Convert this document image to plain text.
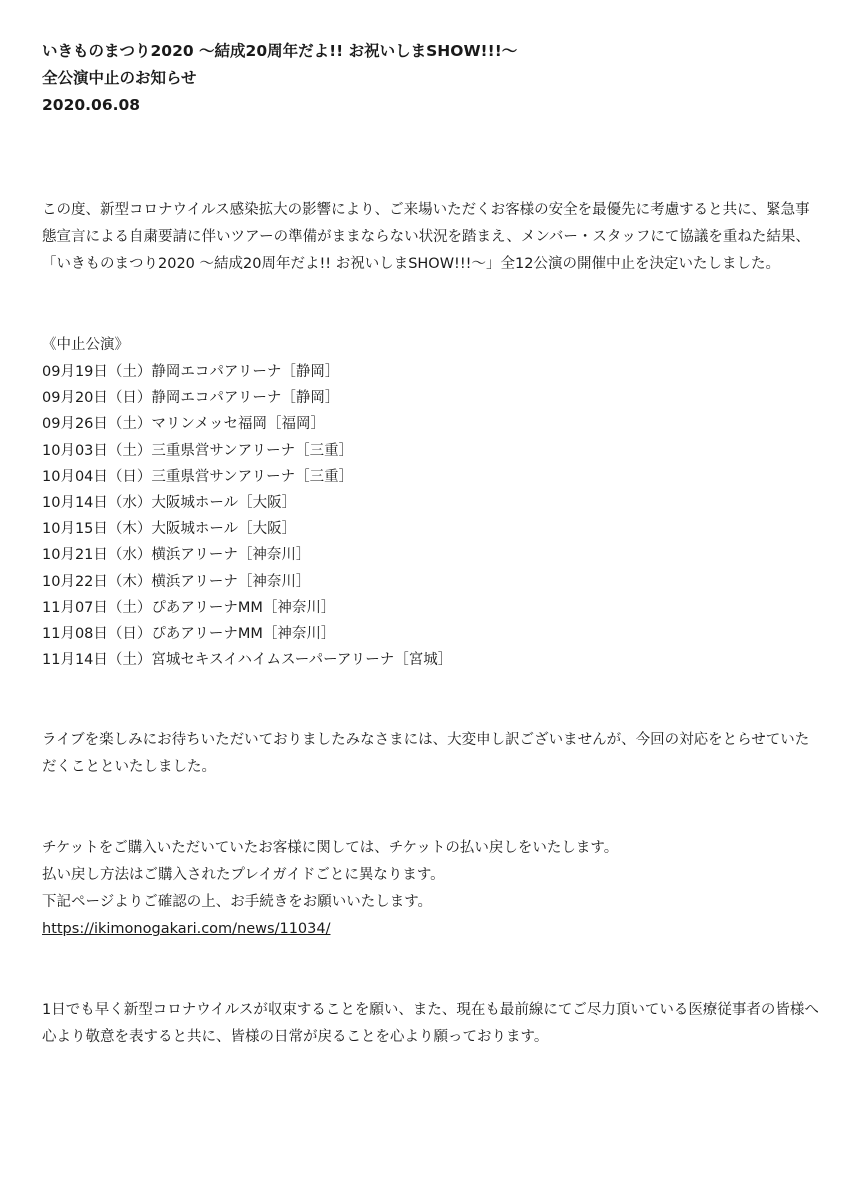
いきものまつり2020 ～結成20周年だよ!! お祝いしまSHOW!!!～

全公演中止のお知らせ

2020.06.08

この度、新型コロナウイルス感染拡大の影響により、ご来場いただくお客様の安全を最優先に考慮すると共に、緊急事態宣言による自粛要請に伴いツアーの準備がままならない状況を踏まえ、メンバー・スタッフにて協議を重ねた結果、「いきものまつり2020 ～結成20周年だよ!! お祝いしまSHOW!!!～」全12公演の開催中止を決定いたしました。

《中止公演》

09月19日（土）静岡エコパアリーナ［静岡］
09月20日（日）静岡エコパアリーナ［静岡］
09月26日（土）マリンメッセ福岡［福岡］
10月03日（土）三重県営サンアリーナ［三重］
10月04日（日）三重県営サンアリーナ［三重］
10月14日（水）大阪城ホール［大阪］
10月15日（木）大阪城ホール［大阪］
10月21日（水）横浜アリーナ［神奈川］
10月22日（木）横浜アリーナ［神奈川］
11月07日（土）ぴあアリーナMM［神奈川］
11月08日（日）ぴあアリーナMM［神奈川］
11月14日（土）宮城セキスイハイムスーパーアリーナ［宮城］

ライブを楽しみにお待ちいただいておりましたみなさまには、大変申し訳ございませんが、今回の対応をとらせていただくことといたしました。

チケットをご購入いただいていたお客様に関しては、チケットの払い戻しをいたします。

払い戻し方法はご購入されたプレイガイドごとに異なります。

下記ページよりご確認の上、お手続きをお願いいたします。

https://ikimonogakari.com/news/11034/

1日でも早く新型コロナウイルスが収束することを願い、また、現在も最前線にてご尽力頂いている医療従事者の皆様へ心より敬意を表すると共に、皆様の日常が戻ることを心より願っております。
